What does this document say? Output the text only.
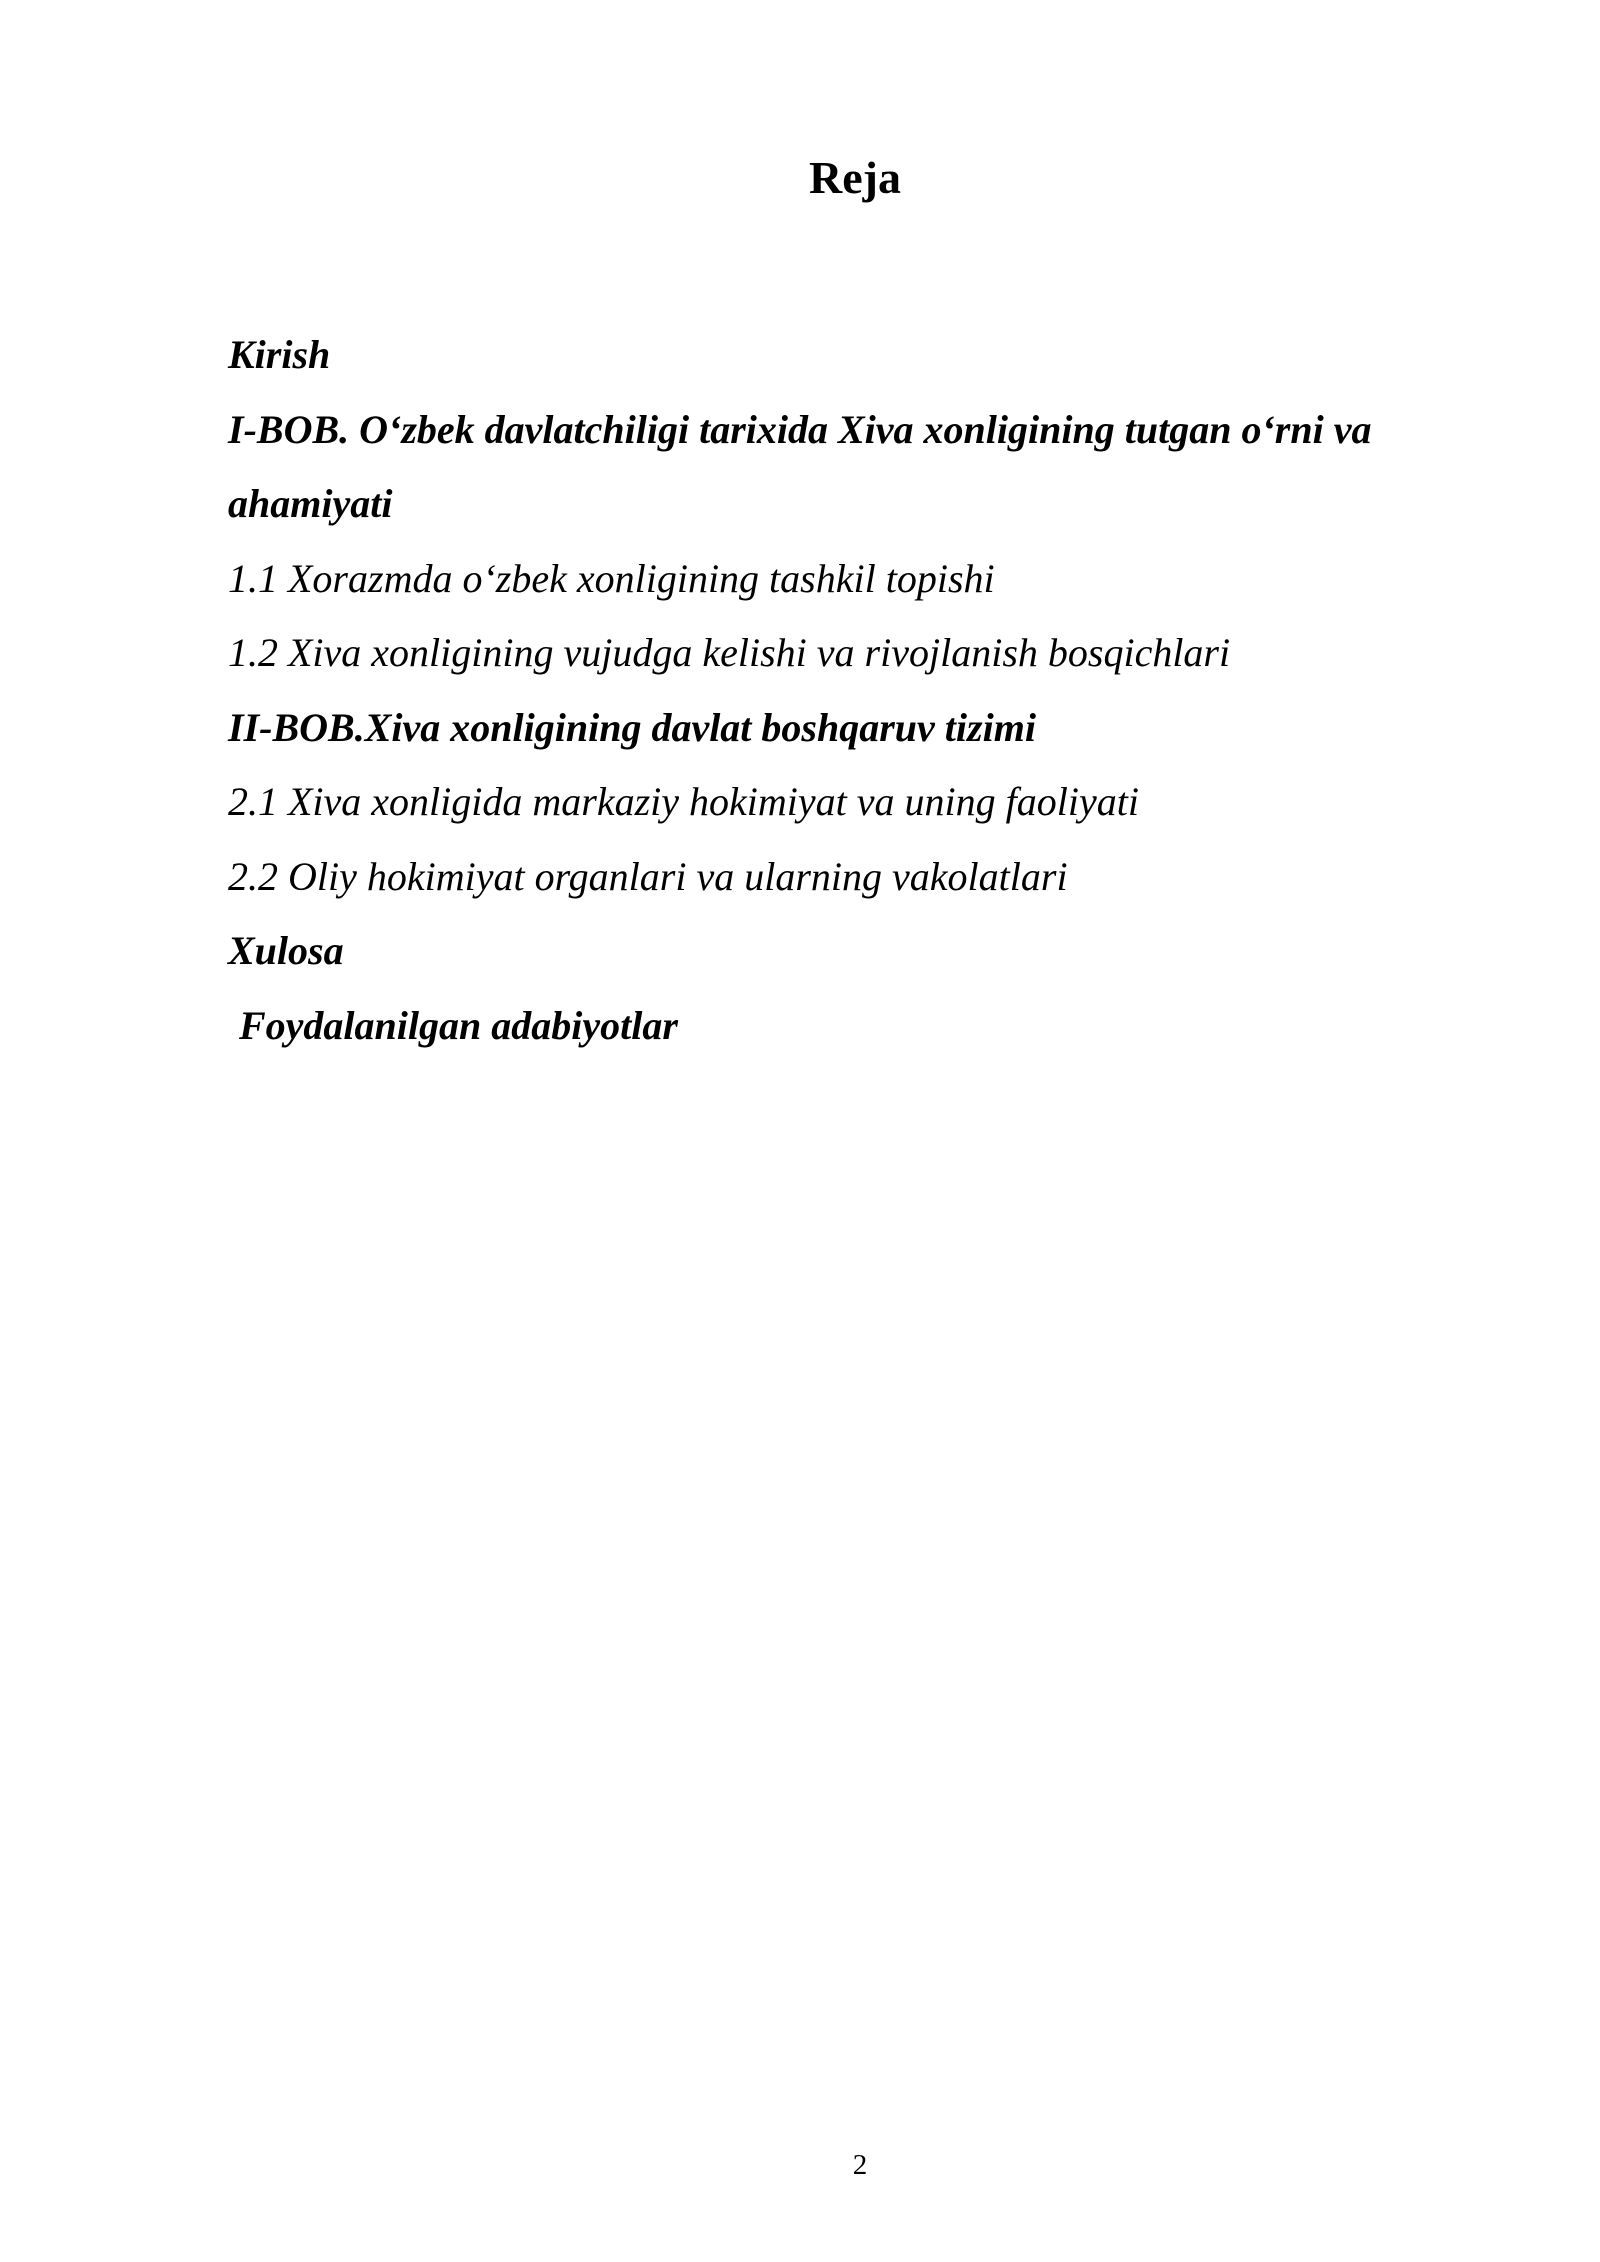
Reja
Kirish
I-BOB. O‘zbek davlatchiligi tarixida Xiva xonligining tutgan o‘rni va
ahamiyati
1.1 Xorazmda o‘zbek xonligining tashkil topishi
1.2 Xiva xonligining vujudga kelishi va rivojlanish bosqichlari
II-BOB.Xiva xonligining davlat boshqaruv tizimi
2.1 Xiva xonligida markaziy hokimiyat va uning faoliyati
2.2 Oliy hokimiyat organlari va ularning vakolatlari
Xulosa
Foydalanilgan adabiyotlar
2
